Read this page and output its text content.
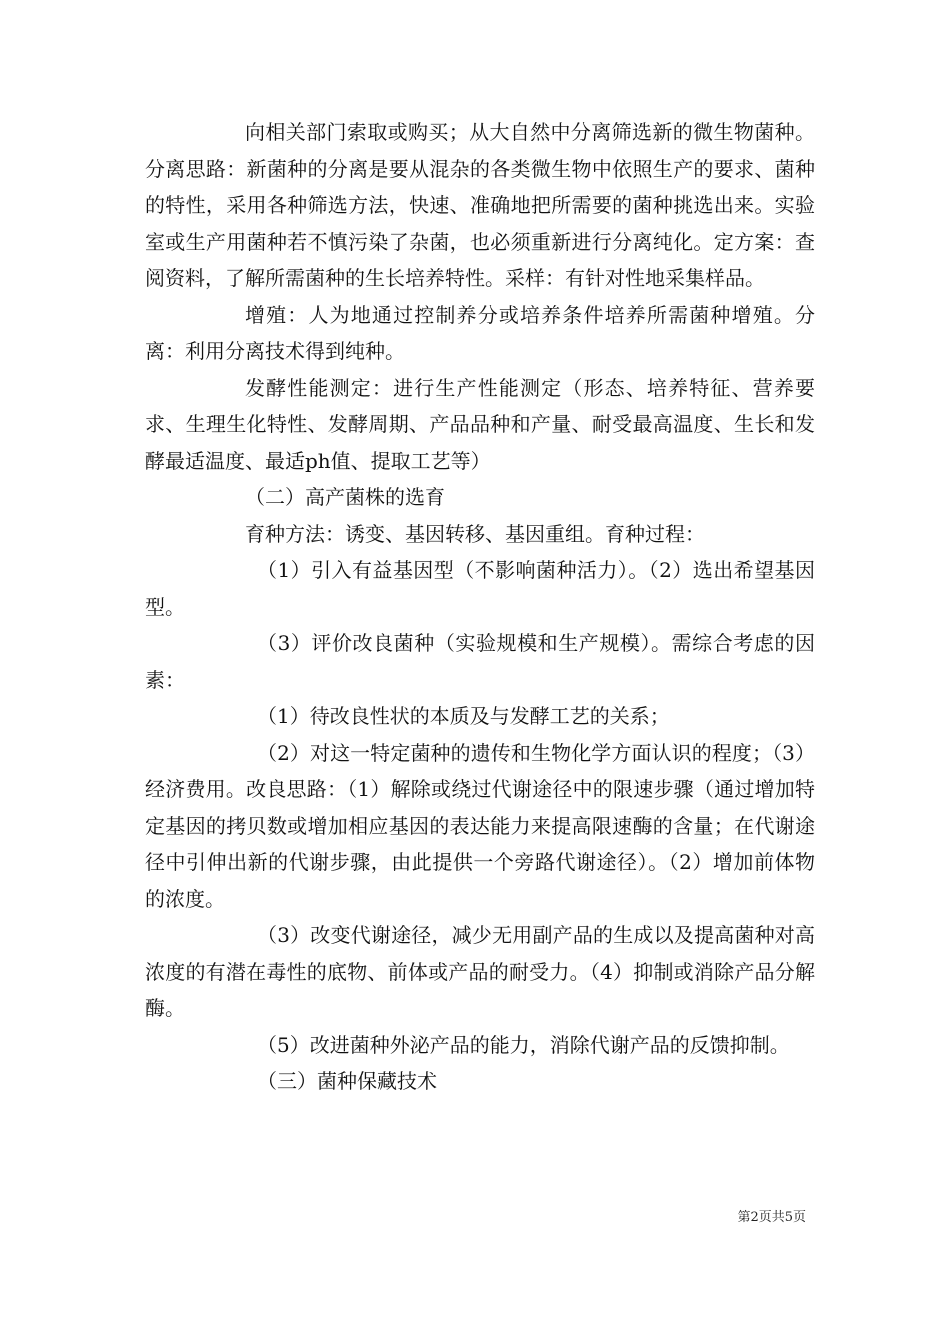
向相关部门索取或购买；从大自然中分离筛选新的微生物菌种。分离思路：新菌种的分离是要从混杂的各类微生物中依照生产的要求、菌种的特性，采用各种筛选方法，快速、准确地把所需要的菌种挑选出来。实验室或生产用菌种若不慎污染了杂菌，也必须重新进行分离纯化。定方案：查阅资料，了解所需菌种的生长培养特性。采样：有针对性地采集样品。

增殖：人为地通过控制养分或培养条件培养所需菌种增殖。分离：利用分离技术得到纯种。

发酵性能测定：进行生产性能测定（形态、培养特征、营养要求、生理生化特性、发酵周期、产品品种和产量、耐受最高温度、生长和发酵最适温度、最适ph值、提取工艺等）

（二）高产菌株的选育

育种方法：诱变、基因转移、基因重组。育种过程：

（1）引入有益基因型（不影响菌种活力）。（2）选出希望基因型。

（3）评价改良菌种（实验规模和生产规模）。需综合考虑的因素：

（1）待改良性状的本质及与发酵工艺的关系；

（2）对这一特定菌种的遗传和生物化学方面认识的程度；（3）经济费用。改良思路：（1）解除或绕过代谢途径中的限速步骤（通过增加特定基因的拷贝数或增加相应基因的表达能力来提高限速酶的含量；在代谢途径中引伸出新的代谢步骤，由此提供一个旁路代谢途径）。（2）增加前体物的浓度。

（3）改变代谢途径，减少无用副产品的生成以及提高菌种对高浓度的有潜在毒性的底物、前体或产品的耐受力。（4）抑制或消除产品分解酶。

（5）改进菌种外泌产品的能力，消除代谢产品的反馈抑制。

（三）菌种保藏技术

第2页共5页
